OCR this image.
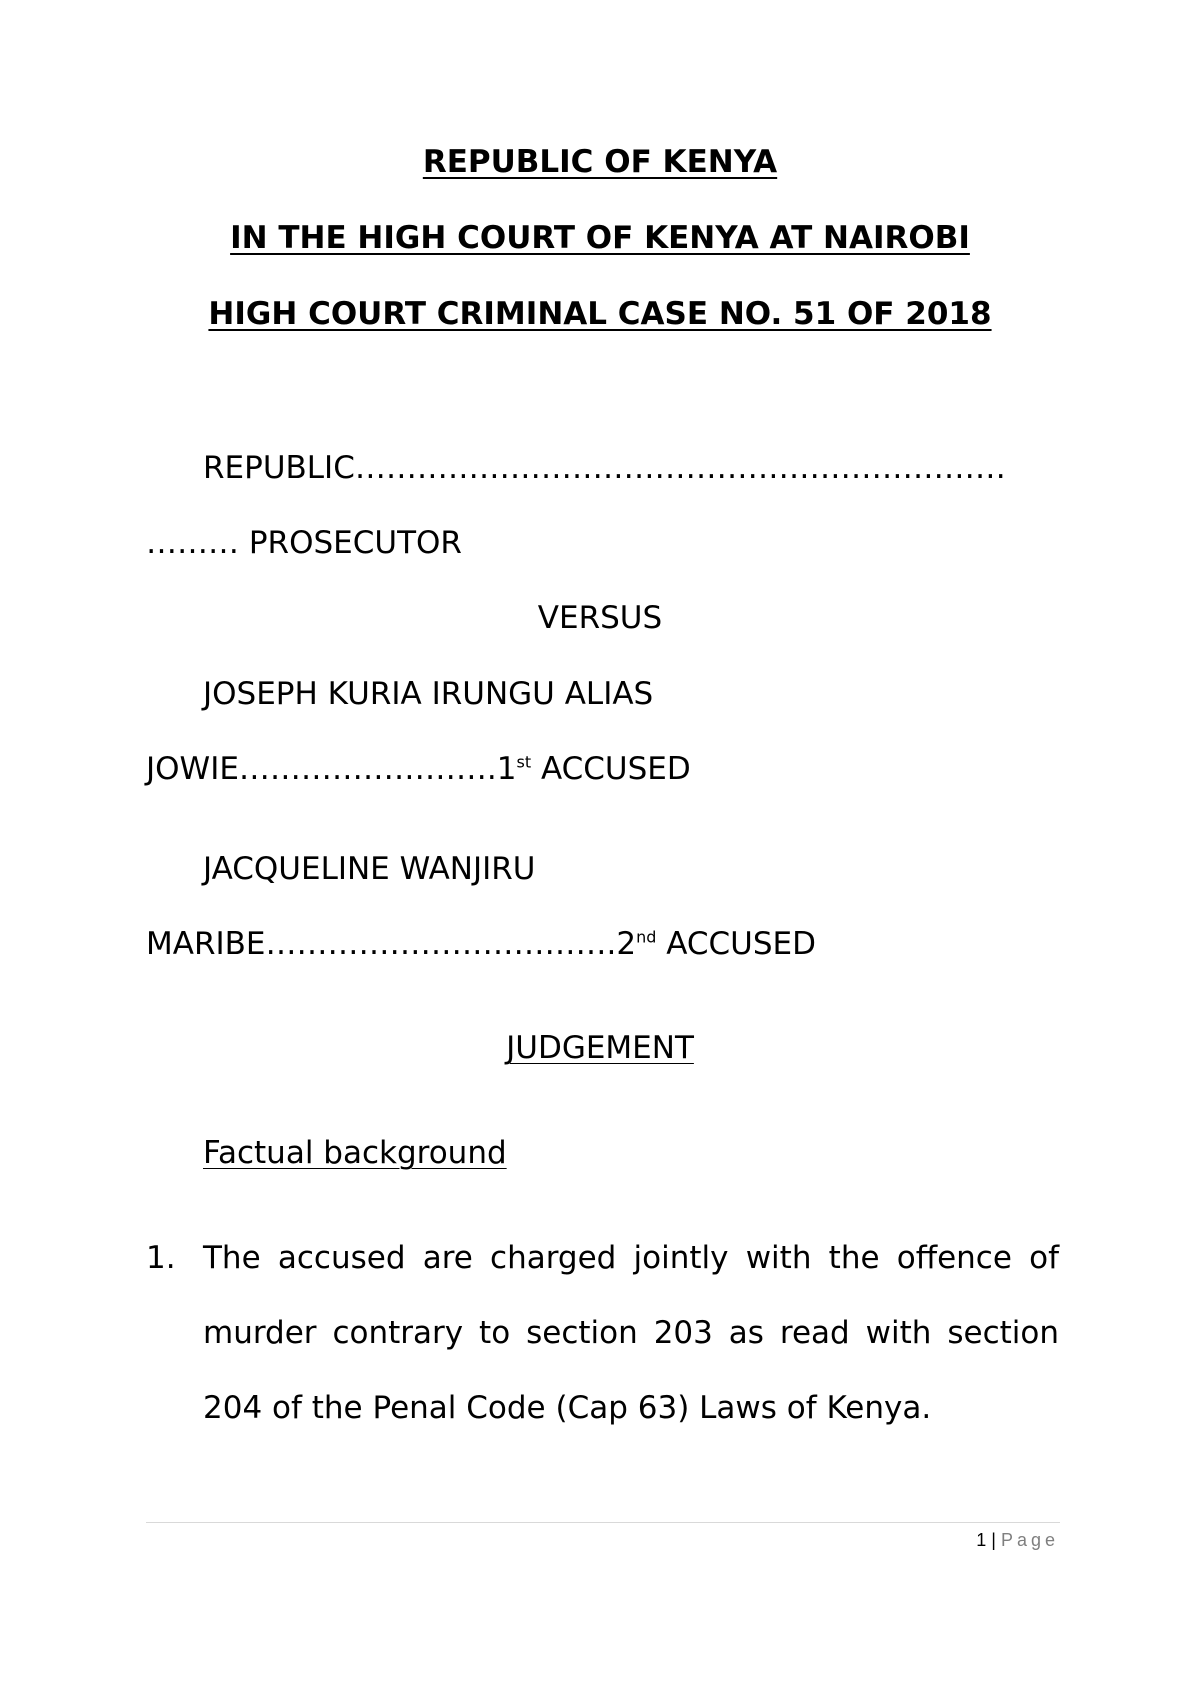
REPUBLIC OF KENYA
IN THE HIGH COURT OF KENYA AT NAIROBI
HIGH COURT CRIMINAL CASE NO. 51 OF 2018
REPUBLIC………………………………………………………
……… PROSECUTOR
VERSUS
JOSEPH KURIA IRUNGU ALIAS
JOWIE…………………….1st ACCUSED
JACQUELINE WANJIRU
MARIBE…………………………….2nd ACCUSED
JUDGEMENT
Factual background
1. The accused are charged jointly with the offence of murder contrary to section 203 as read with section 204 of the Penal Code (Cap 63) Laws of Kenya.
1 | Page
